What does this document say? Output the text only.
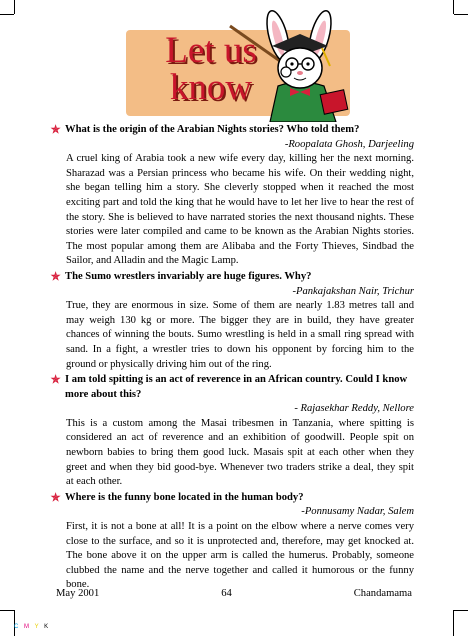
Let us
know
✯ What is the origin of the Arabian Nights stories? Who told them?
-Roopalata Ghosh, Darjeeling
A cruel king of Arabia took a new wife every day, killing her the next morning. Sharazad was a Persian princess who became his wife. On their wedding night, she began telling him a story. She cleverly stopped when it reached the most exciting part and told the king that he would have to let her live to hear the rest of the story. She is believed to have narrated stories the next thousand nights. These stories were later compiled and came to be known as the Arabian Nights stories. The most popular among them are Alibaba and the Forty Thieves, Sindbad the Sailor, and Alladin and the Magic Lamp.
✯ The Sumo wrestlers invariably are huge figures. Why?
-Pankajakshan Nair, Trichur
True, they are enormous in size. Some of them are nearly 1.83 metres tall and may weigh 130 kg or more. The bigger they are in build, they have greater chances of winning the bouts. Sumo wrestling is held in a small ring spread with sand. In a fight, a wrestler tries to down his opponent by forcing him to the ground or physically driving him out of the ring.
✯ I am told spitting is an act of reverence in an African country. Could I know more about this?
- Rajasekhar Reddy, Nellore
This is a custom among the Masai tribesmen in Tanzania, where spitting is considered an act of reverence and an exhibition of goodwill. People spit on newborn babies to bring them good luck. Masais spit at each other when they greet and when they bid good-bye. Whenever two traders strike a deal, they spit at each other.
✯ Where is the funny bone located in the human body?
-Ponnusamy Nadar, Salem
First, it is not a bone at all! It is a point on the elbow where a nerve comes very close to the surface, and so it is unprotected and, therefore, may get knocked at. The bone above it on the upper arm is called the humerus. Probably, someone clubbed the name and the nerve together and called it humorous or the funny bone.
May 2001	64	Chandamama
C M Y K
